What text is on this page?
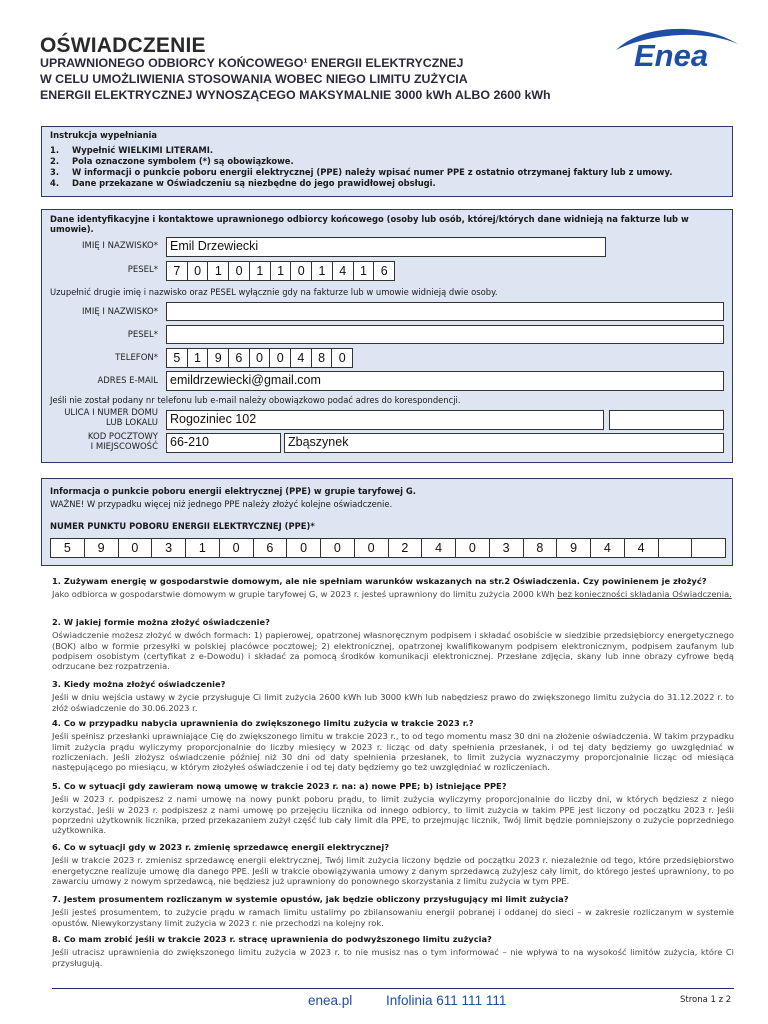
OŚWIADCZENIE
UPRAWNIONEGO ODBIORCY KOŃCOWEGO¹ ENERGII ELEKTRYCZNEJ
W CELU UMOŻLIWIENIA STOSOWANIA WOBEC NIEGO LIMITU ZUŻYCIA
ENERGII ELEKTRYCZNEJ WYNOSZĄCEGO MAKSYMALNIE 3000 kWh ALBO 2600 kWh
Enea
Instrukcja wypełniania
1. Wypełnić WIELKIMI LITERAMI.
2. Pola oznaczone symbolem (*) są obowiązkowe.
3. W informacji o punkcie poboru energii elektrycznej (PPE) należy wpisać numer PPE z ostatnio otrzymanej faktury lub z umowy.
4. Dane przekazane w Oświadczeniu są niezbędne do jego prawidłowej obsługi.
Dane identyfikacyjne i kontaktowe uprawnionego odbiorcy końcowego (osoby lub osób, której/których dane widnieją na fakturze lub w umowie).
IMIĘ I NAZWISKO* Emil Drzewiecki
PESEL*	7	0	1	0	1	1	0	1	4	1	6
Uzupełnić drugie imię i nazwisko oraz PESEL wyłącznie gdy na fakturze lub w umowie widnieją dwie osoby.
IMIĘ I NAZWISKO*
PESEL*
TELEFON*	5	1	9	6	0	0	4	8	0
ADRES E-MAIL emildrzewiecki@gmail.com
Jeśli nie został podany nr telefonu lub e-mail należy obowiązkowo podać adres do korespondencji.
ULICA I NUMER DOMU
LUB LOKALU Rogoziniec 102
KOD POCZTOWY
I MIEJSCOWOŚĆ 66-210	Zbąszynek
Informacja o punkcie poboru energii elektrycznej (PPE) w grupie taryfowej G.
WAŻNE! W przypadku więcej niż jednego PPE należy złożyć kolejne oświadczenie.
NUMER PUNKTU POBORU ENERGII ELEKTRYCZNEJ (PPE)*
5	9	0	3	1	0	6	0	0	0	2	4	0	3	8	9	4	4
1. Zużywam energię w gospodarstwie domowym, ale nie spełniam warunków wskazanych na str.2 Oświadczenia. Czy powinienem je złożyć?
Jako odbiorca w gospodarstwie domowym w grupie taryfowej G, w 2023 r. jesteś uprawniony do limitu zużycia 2000 kWh bez konieczności składania Oświadczenia.
2. W jakiej formie można złożyć oświadczenie?
Oświadczenie możesz złożyć w dwóch formach: 1) papierowej, opatrzonej własnoręcznym podpisem i składać osobiście w siedzibie przedsiębiorcy energetycznego (BOK) albo w formie przesyłki w polskiej placówce pocztowej; 2) elektronicznej, opatrzonej kwalifikowanym podpisem elektronicznym, podpisem zaufanym lub podpisem osobistym (certyfikat z e-Dowodu) i składać za pomocą środków komunikacji elektronicznej. Przesłane zdjęcia, skany lub inne obrazy cyfrowe będą odrzucane bez rozpatrzenia.
3. Kiedy można złożyć oświadczenie?
Jeśli w dniu wejścia ustawy w życie przysługuje Ci limit zużycia 2600 kWh lub 3000 kWh lub nabędziesz prawo do zwiększonego limitu zużycia do 31.12.2022 r. to złóż oświadczenie do 30.06.2023 r.
4. Co w przypadku nabycia uprawnienia do zwiększonego limitu zużycia w trakcie 2023 r.?
Jeśli spełnisz przesłanki uprawniające Cię do zwiększonego limitu w trakcie 2023 r., to od tego momentu masz 30 dni na złożenie oświadczenia. W takim przypadku limit zużycia prądu wyliczymy proporcjonalnie do liczby miesięcy w 2023 r. licząc od daty spełnienia przesłanek, i od tej daty będziemy go uwzględniać w rozliczeniach. Jeśli złożysz oświadczenie później niż 30 dni od daty spełnienia przesłanek, to limit zużycia wyznaczymy proporcjonalnie licząc od miesiąca następującego po miesiącu, w którym złożyłeś oświadczenie i od tej daty będziemy go też uwzględniać w rozliczeniach.
5. Co w sytuacji gdy zawieram nową umowę w trakcie 2023 r. na: a) nowe PPE; b) istniejące PPE?
Jeśli w 2023 r. podpiszesz z nami umowę na nowy punkt poboru prądu, to limit zużycia wyliczymy proporcjonalnie do liczby dni, w których będziesz z niego korzystać. Jeśli w 2023 r. podpiszesz z nami umowę po przejęciu licznika od innego odbiorcy, to limit zużycia w takim PPE jest liczony od początku 2023 r. Jeśli poprzedni użytkownik licznika, przed przekazaniem zużył część lub cały limit dla PPE, to przejmując licznik, Twój limit będzie pomniejszony o zużycie poprzedniego użytkownika.
6. Co w sytuacji gdy w 2023 r. zmienię sprzedawcę energii elektrycznej?
Jeśli w trakcie 2023 r. zmienisz sprzedawcę energii elektrycznej, Twój limit zużycia liczony będzie od początku 2023 r. niezależnie od tego, które przedsiębiorstwo energetyczne realizuje umowę dla danego PPE. Jeśli w trakcie obowiązywania umowy z danym sprzedawcą zużyjesz cały limit, do którego jesteś uprawniony, to po zawarciu umowy z nowym sprzedawcą, nie będziesz już uprawniony do ponownego skorzystania z limitu zużycia w tym PPE.
7. Jestem prosumentem rozliczanym w systemie opustów, jak będzie obliczony przysługujący mi limit zużycia?
Jeśli jesteś prosumentem, to zużycie prądu w ramach limitu ustalimy po zbilansowaniu energii pobranej i oddanej do sieci – w zakresie rozliczanym w systemie opustów. Niewykorzystany limit zużycia w 2023 r. nie przechodzi na kolejny rok.
8. Co mam zrobić jeśli w trakcie 2023 r. stracę uprawnienia do podwyższonego limitu zużycia?
Jeśli utracisz uprawnienia do zwiększonego limitu zużycia w 2023 r. to nie musisz nas o tym informować – nie wpływa to na wysokość limitów zużycia, które Ci przysługują.
enea.pl Infolinia 611 111 111	Strona 1 z 2
